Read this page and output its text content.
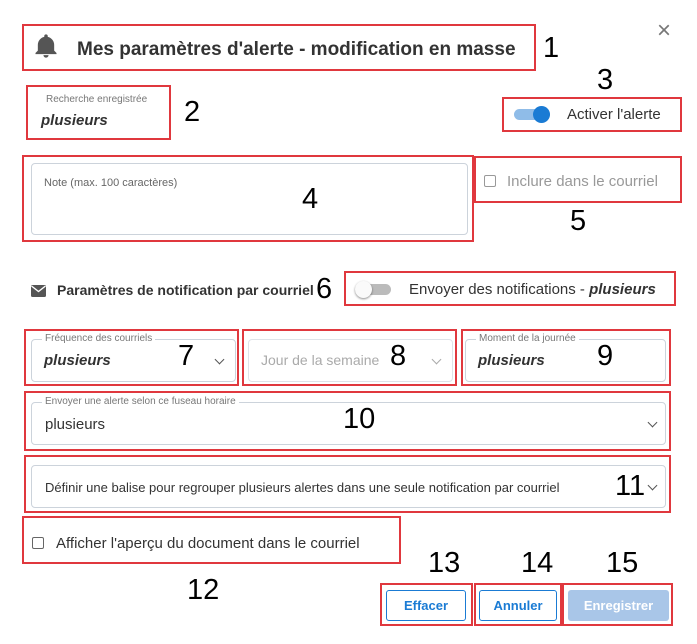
Mes paramètres d'alerte - modification en masse 1
×
Recherche enregistrée
plusieurs	2
3
Activer l'alerte
Note (max. 100 caractères)	4
Inclure dans le courriel
5
Paramètres de notification par courriel 6	Envoyer des notifications - plusieurs
Fréquence des courriels
plusieurs 7	Jour de la semaine 8
Moment de la journée
plusieurs 9
Envoyer une alerte selon ce fuseau horaire
plusieurs	10
Définir une balise pour regrouper plusieurs alertes dans une seule notification par courriel 11
Afficher l'aperçu du document dans le courriel
12
13 14 15
Effacer	Annuler	Enregistrer
